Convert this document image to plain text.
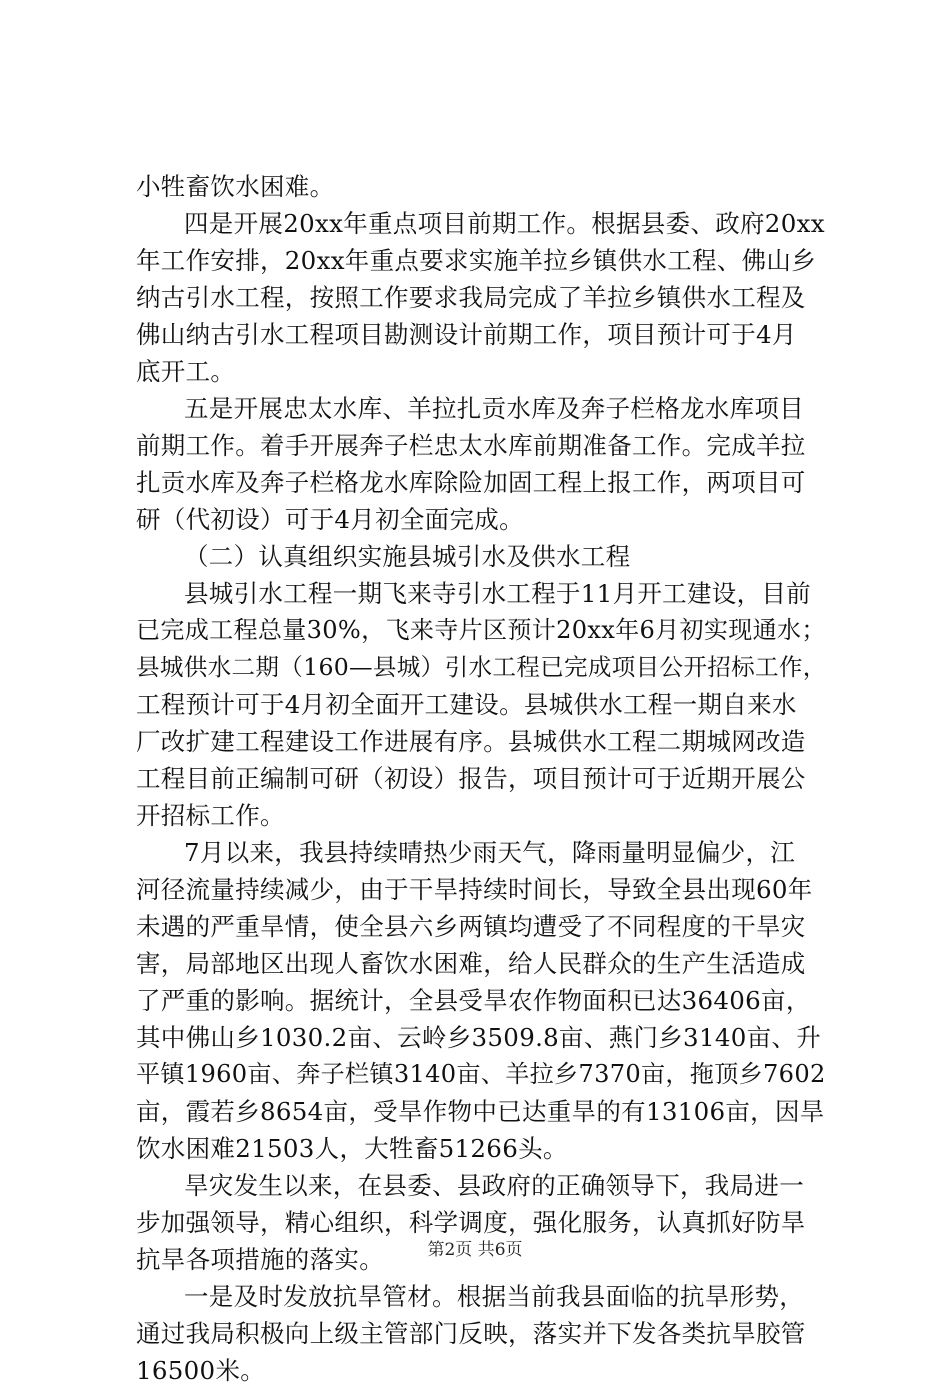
小牲畜饮水困难。
四是开展20xx年重点项目前期工作。根据县委、政府20xx
年工作安排，20xx年重点要求实施羊拉乡镇供水工程、佛山乡
纳古引水工程，按照工作要求我局完成了羊拉乡镇供水工程及
佛山纳古引水工程项目勘测设计前期工作，项目预计可于4月
底开工。
五是开展忠太水库、羊拉扎贡水库及奔子栏格龙水库项目
前期工作。着手开展奔子栏忠太水库前期准备工作。完成羊拉
扎贡水库及奔子栏格龙水库除险加固工程上报工作，两项目可
研（代初设）可于4月初全面完成。
（二）认真组织实施县城引水及供水工程
县城引水工程一期飞来寺引水工程于11月开工建设，目前
已完成工程总量30%，飞来寺片区预计20xx年6月初实现通水；
县城供水二期（160—县城）引水工程已完成项目公开招标工作，
工程预计可于4月初全面开工建设。县城供水工程一期自来水
厂改扩建工程建设工作进展有序。县城供水工程二期城网改造
工程目前正编制可研（初设）报告，项目预计可于近期开展公
开招标工作。
7月以来，我县持续晴热少雨天气，降雨量明显偏少，江
河径流量持续减少，由于干旱持续时间长，导致全县出现60年
未遇的严重旱情，使全县六乡两镇均遭受了不同程度的干旱灾
害，局部地区出现人畜饮水困难，给人民群众的生产生活造成
了严重的影响。据统计，全县受旱农作物面积已达36406亩，
其中佛山乡1030.2亩、云岭乡3509.8亩、燕门乡3140亩、升
平镇1960亩、奔子栏镇3140亩、羊拉乡7370亩，拖顶乡7602
亩，霞若乡8654亩，受旱作物中已达重旱的有13106亩，因旱
饮水困难21503人，大牲畜51266头。
旱灾发生以来，在县委、县政府的正确领导下，我局进一
步加强领导，精心组织，科学调度，强化服务，认真抓好防旱
抗旱各项措施的落实。
一是及时发放抗旱管材。根据当前我县面临的抗旱形势，
通过我局积极向上级主管部门反映，落实并下发各类抗旱胶管
16500米。
第2页 共6页
